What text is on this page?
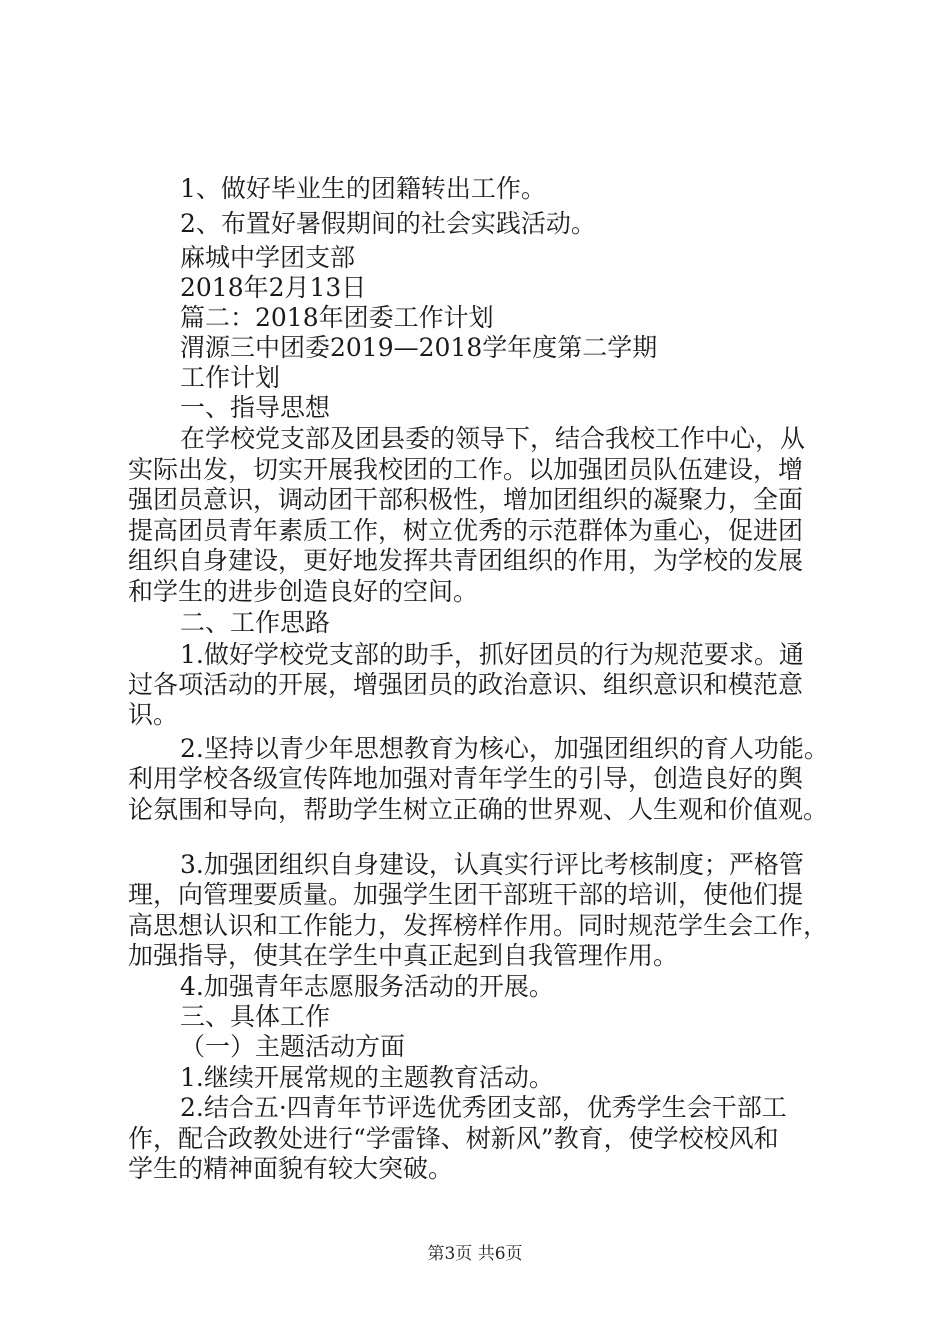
1、做好毕业生的团籍转出工作。
2、布置好暑假期间的社会实践活动。
麻城中学团支部
2018年2月13日
篇二：2018年团委工作计划
渭源三中团委2019—2018学年度第二学期
工作计划
一、指导思想
在学校党支部及团县委的领导下，结合我校工作中心，从
实际出发，切实开展我校团的工作。以加强团员队伍建设，增
强团员意识，调动团干部积极性，增加团组织的凝聚力，全面
提高团员青年素质工作，树立优秀的示范群体为重心，促进团
组织自身建设，更好地发挥共青团组织的作用，为学校的发展
和学生的进步创造良好的空间。
二、工作思路
1.做好学校党支部的助手，抓好团员的行为规范要求。通
过各项活动的开展，增强团员的政治意识、组织意识和模范意
识。
2.坚持以青少年思想教育为核心，加强团组织的育人功能。
利用学校各级宣传阵地加强对青年学生的引导，创造良好的舆
论氛围和导向，帮助学生树立正确的世界观、人生观和价值观。
3.加强团组织自身建设，认真实行评比考核制度；严格管
理，向管理要质量。加强学生团干部班干部的培训，使他们提
高思想认识和工作能力，发挥榜样作用。同时规范学生会工作，
加强指导，使其在学生中真正起到自我管理作用。
4.加强青年志愿服务活动的开展。
三、具体工作
（一）主题活动方面
1.继续开展常规的主题教育活动。
2.结合五·四青年节评选优秀团支部，优秀学生会干部工
作，配合政教处进行“学雷锋、树新风”教育，使学校校风和
学生的精神面貌有较大突破。
第3页 共6页
